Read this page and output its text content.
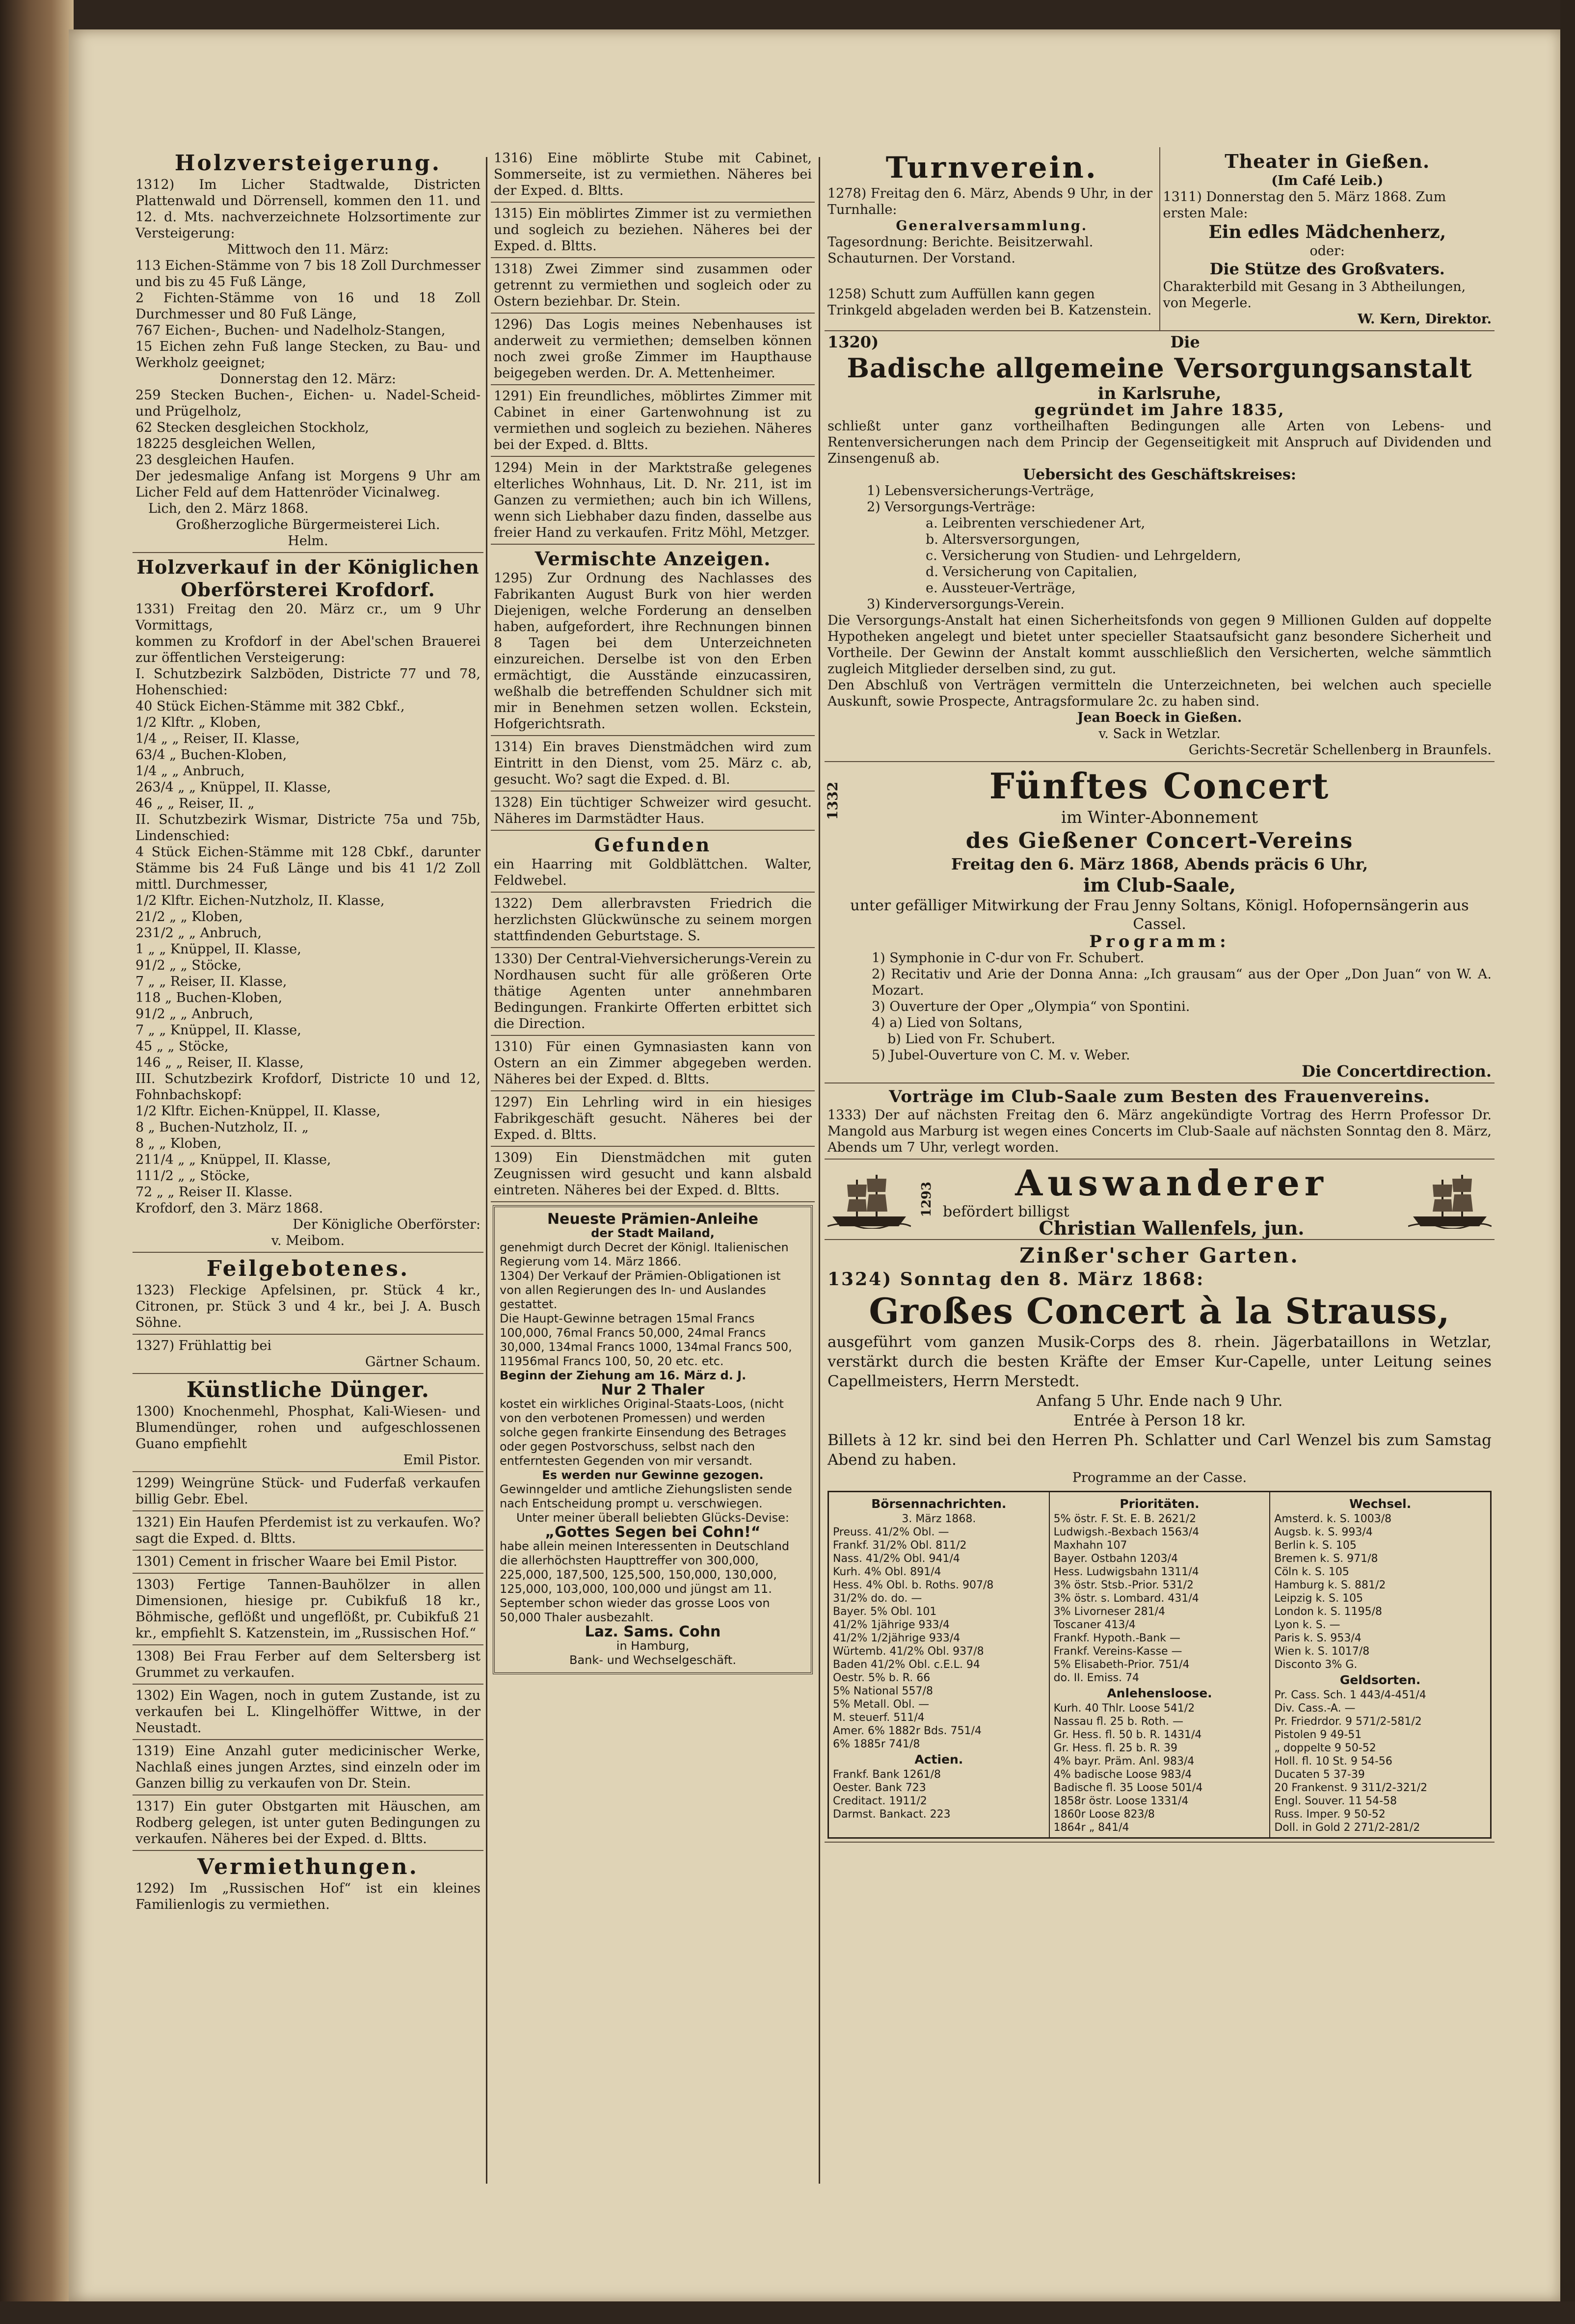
Holzversteigerung.
1312) Im Licher Stadtwalde, Districten Plattenwald und Dörrensell, kommen den 11. und 12. d. Mts. nachverzeichnete Holzsortimente zur Versteigerung:
Mittwoch den 11. März:
113 Eichen-Stämme von 7 bis 18 Zoll Durchmesser und bis zu 45 Fuß Länge,
2 Fichten-Stämme von 16 und 18 Zoll Durchmesser und 80 Fuß Länge,
767 Eichen-, Buchen- und Nadelholz-Stangen,
15 Eichen zehn Fuß lange Stecken, zu Bau- und Werkholz geeignet;
Donnerstag den 12. März:
259 Stecken Buchen-, Eichen- u. Nadel-Scheid- und Prügelholz,
62 Stecken desgleichen Stockholz,
18225 desgleichen Wellen,
23 desgleichen Haufen.
Der jedesmalige Anfang ist Morgens 9 Uhr am Licher Feld auf dem Hattenröder Vicinalweg.
Lich, den 2. März 1868.
Großherzogliche Bürgermeisterei Lich.
Helm.
Holzverkauf in der Königlichen Oberförsterei Krofdorf.
1331) Freitag den 20. März cr., um 9 Uhr Vormittags,
kommen zu Krofdorf in der Abel'schen Brauerei zur öffentlichen Versteigerung:
I. Schutzbezirk Salzböden, Districte 77 und 78, Hohenschied:
40 Stück Eichen-Stämme mit 382 Cbkf.,
1/2 Klftr. „ Kloben,
1/4 „ „ Reiser, II. Klasse,
63/4 „ Buchen-Kloben,
1/4 „ „ Anbruch,
263/4 „ „ Knüppel, II. Klasse,
46 „ „ Reiser, II. „
II. Schutzbezirk Wismar, Districte 75a und 75b, Lindenschied:
4 Stück Eichen-Stämme mit 128 Cbkf., darunter Stämme bis 24 Fuß Länge und bis 41 1/2 Zoll mittl. Durchmesser,
1/2 Klftr. Eichen-Nutzholz, II. Klasse,
21/2 „ „ Kloben,
231/2 „ „ Anbruch,
1 „ „ Knüppel, II. Klasse,
91/2 „ „ Stöcke,
7 „ „ Reiser, II. Klasse,
118 „ Buchen-Kloben,
91/2 „ „ Anbruch,
7 „ „ Knüppel, II. Klasse,
45 „ „ Stöcke,
146 „ „ Reiser, II. Klasse,
III. Schutzbezirk Krofdorf, Districte 10 und 12, Fohnbachskopf:
1/2 Klftr. Eichen-Knüppel, II. Klasse,
8 „ Buchen-Nutzholz, II. „
8 „ „ Kloben,
211/4 „ „ Knüppel, II. Klasse,
111/2 „ „ Stöcke,
72 „ „ Reiser II. Klasse.
Krofdorf, den 3. März 1868.
Der Königliche Oberförster:
v. Meibom.
Feilgebotenes.
1323) Fleckige Apfelsinen, pr. Stück 4 kr., Citronen, pr. Stück 3 und 4 kr., bei J. A. Busch Söhne.
1327) Frühlattig bei
Gärtner Schaum.
Künstliche Dünger.
1300) Knochenmehl, Phosphat, Kali-Wiesen- und Blumendünger, rohen und aufgeschlossenen Guano empfiehlt
Emil Pistor.
1299) Weingrüne Stück- und Fuderfaß verkaufen billig Gebr. Ebel.
1321) Ein Haufen Pferdemist ist zu verkaufen. Wo? sagt die Exped. d. Bltts.
1301) Cement in frischer Waare bei Emil Pistor.
1303) Fertige Tannen-Bauhölzer in allen Dimensionen, hiesige pr. Cubikfuß 18 kr., Böhmische, geflößt und ungeflößt, pr. Cubikfuß 21 kr., empfiehlt S. Katzenstein, im „Russischen Hof.“
1308) Bei Frau Ferber auf dem Seltersberg ist Grummet zu verkaufen.
1302) Ein Wagen, noch in gutem Zustande, ist zu verkaufen bei L. Klingelhöffer Wittwe, in der Neustadt.
1319) Eine Anzahl guter medicinischer Werke, Nachlaß eines jungen Arztes, sind einzeln oder im Ganzen billig zu verkaufen von Dr. Stein.
1317) Ein guter Obstgarten mit Häuschen, am Rodberg gelegen, ist unter guten Bedingungen zu verkaufen. Näheres bei der Exped. d. Bltts.
Vermiethungen.
1292) Im „Russischen Hof“ ist ein kleines Familienlogis zu vermiethen.
1316) Eine möblirte Stube mit Cabinet, Sommerseite, ist zu vermiethen. Näheres bei der Exped. d. Bltts.
1315) Ein möblirtes Zimmer ist zu vermiethen und sogleich zu beziehen. Näheres bei der Exped. d. Bltts.
1318) Zwei Zimmer sind zusammen oder getrennt zu vermiethen und sogleich oder zu Ostern beziehbar. Dr. Stein.
1296) Das Logis meines Nebenhauses ist anderweit zu vermiethen; demselben können noch zwei große Zimmer im Haupthause beigegeben werden. Dr. A. Mettenheimer.
1291) Ein freundliches, möblirtes Zimmer mit Cabinet in einer Gartenwohnung ist zu vermiethen und sogleich zu beziehen. Näheres bei der Exped. d. Bltts.
1294) Mein in der Marktstraße gelegenes elterliches Wohnhaus, Lit. D. Nr. 211, ist im Ganzen zu vermiethen; auch bin ich Willens, wenn sich Liebhaber dazu finden, dasselbe aus freier Hand zu verkaufen. Fritz Möhl, Metzger.
Vermischte Anzeigen.
1295) Zur Ordnung des Nachlasses des Fabrikanten August Burk von hier werden Diejenigen, welche Forderung an denselben haben, aufgefordert, ihre Rechnungen binnen 8 Tagen bei dem Unterzeichneten einzureichen. Derselbe ist von den Erben ermächtigt, die Ausstände einzucassiren, weßhalb die betreffenden Schuldner sich mit mir in Benehmen setzen wollen. Eckstein, Hofgerichtsrath.
1314) Ein braves Dienstmädchen wird zum Eintritt in den Dienst, vom 25. März c. ab, gesucht. Wo? sagt die Exped. d. Bl.
1328) Ein tüchtiger Schweizer wird gesucht. Näheres im Darmstädter Haus.
Gefunden
ein Haarring mit Goldblättchen. Walter, Feldwebel.
1322) Dem allerbravsten Friedrich die herzlichsten Glückwünsche zu seinem morgen stattfindenden Geburtstage. S.
1330) Der Central-Viehversicherungs-Verein zu Nordhausen sucht für alle größeren Orte thätige Agenten unter annehmbaren Bedingungen. Frankirte Offerten erbittet sich die Direction.
1310) Für einen Gymnasiasten kann von Ostern an ein Zimmer abgegeben werden. Näheres bei der Exped. d. Bltts.
1297) Ein Lehrling wird in ein hiesiges Fabrikgeschäft gesucht. Näheres bei der Exped. d. Bltts.
1309) Ein Dienstmädchen mit guten Zeugnissen wird gesucht und kann alsbald eintreten. Näheres bei der Exped. d. Bltts.
Neueste Prämien-Anleihe
der Stadt Mailand,
genehmigt durch Decret der Königl. Italienischen Regierung vom 14. März 1866.
1304) Der Verkauf der Prämien-Obligationen ist von allen Regierungen des In- und Auslandes gestattet.
Die Haupt-Gewinne betragen 15mal Francs 100,000, 76mal Francs 50,000, 24mal Francs 30,000, 134mal Francs 1000, 134mal Francs 500, 11956mal Francs 100, 50, 20 etc. etc.
Beginn der Ziehung am 16. März d. J.
Nur 2 Thaler
kostet ein wirkliches Original-Staats-Loos, (nicht von den verbotenen Promessen) und werden solche gegen frankirte Einsendung des Betrages oder gegen Postvorschuss, selbst nach den entferntesten Gegenden von mir versandt.
Es werden nur Gewinne gezogen.
Gewinngelder und amtliche Ziehungslisten sende nach Entscheidung prompt u. verschwiegen.
Unter meiner überall beliebten Glücks-Devise:
„Gottes Segen bei Cohn!“
habe allein meinen Interessenten in Deutschland die allerhöchsten Haupttreffer von 300,000, 225,000, 187,500, 125,500, 150,000, 130,000, 125,000, 103,000, 100,000 und jüngst am 11. September schon wieder das grosse Loos von 50,000 Thaler ausbezahlt.
Laz. Sams. Cohn
in Hamburg,
Bank- und Wechselgeschäft.
Turnverein.
1278) Freitag den 6. März, Abends 9 Uhr, in der Turnhalle:
Generalversammlung.
Tagesordnung: Berichte. Beisitzerwahl. Schauturnen. Der Vorstand.
1258) Schutt zum Auffüllen kann gegen Trinkgeld abgeladen werden bei B. Katzenstein.
Theater in Gießen.
(Im Café Leib.)
1311) Donnerstag den 5. März 1868. Zum ersten Male:
Ein edles Mädchenherz,
oder:
Die Stütze des Großvaters.
Charakterbild mit Gesang in 3 Abtheilungen, von Megerle.
W. Kern, Direktor.
1320)	Die
Badische allgemeine Versorgungsanstalt
in Karlsruhe,
gegründet im Jahre 1835,
schließt unter ganz vortheilhaften Bedingungen alle Arten von Lebens- und Rentenversicherungen nach dem Princip der Gegenseitigkeit mit Anspruch auf Dividenden und Zinsengenuß ab.
Uebersicht des Geschäftskreises:
1) Lebensversicherungs-Verträge,
2) Versorgungs-Verträge:
a. Leibrenten verschiedener Art,
b. Altersversorgungen,
c. Versicherung von Studien- und Lehrgeldern,
d. Versicherung von Capitalien,
e. Aussteuer-Verträge,
3) Kinderversorgungs-Verein.
Die Versorgungs-Anstalt hat einen Sicherheitsfonds von gegen 9 Millionen Gulden auf doppelte Hypotheken angelegt und bietet unter specieller Staatsaufsicht ganz besondere Sicherheit und Vortheile. Der Gewinn der Anstalt kommt ausschließlich den Versicherten, welche sämmtlich zugleich Mitglieder derselben sind, zu gut.
Den Abschluß von Verträgen vermitteln die Unterzeichneten, bei welchen auch specielle Auskunft, sowie Prospecte, Antragsformulare 2c. zu haben sind.
Jean Boeck in Gießen.
v. Sack in Wetzlar.
Gerichts-Secretär Schellenberg in Braunfels.
1332	Fünftes Concert
im Winter-Abonnement
des Gießener Concert-Vereins
Freitag den 6. März 1868, Abends präcis 6 Uhr,
im Club-Saale,
unter gefälliger Mitwirkung der Frau Jenny Soltans, Königl. Hofopernsängerin aus Cassel.
Programm:
1) Symphonie in C-dur von Fr. Schubert.
2) Recitativ und Arie der Donna Anna: „Ich grausam“ aus der Oper „Don Juan“ von W. A. Mozart.
3) Ouverture der Oper „Olympia“ von Spontini.
4) a) Lied von Soltans,
b) Lied von Fr. Schubert.
5) Jubel-Ouverture von C. M. v. Weber.
Die Concertdirection.
Vorträge im Club-Saale zum Besten des Frauenvereins.
1333) Der auf nächsten Freitag den 6. März angekündigte Vortrag des Herrn Professor Dr. Mangold aus Marburg ist wegen eines Concerts im Club-Saale auf nächsten Sonntag den 8. März, Abends um 7 Uhr, verlegt worden.
1293	Auswanderer
befördert billigst
Christian Wallenfels, jun.
Zinßer'scher Garten.
1324) Sonntag den 8. März 1868:
Großes Concert à la Strauss,
ausgeführt vom ganzen Musik-Corps des 8. rhein. Jägerbataillons in Wetzlar, verstärkt durch die besten Kräfte der Emser Kur-Capelle, unter Leitung seines Capellmeisters, Herrn Merstedt.
Anfang 5 Uhr. Ende nach 9 Uhr.
Entrée à Person 18 kr.
Billets à 12 kr. sind bei den Herren Ph. Schlatter und Carl Wenzel bis zum Samstag Abend zu haben.
Programme an der Casse.
Börsennachrichten.
3. März 1868.
Preuss. 41/2% Obl. —
Frankf. 31/2% Obl. 811/2
Nass. 41/2% Obl. 941/4
Kurh. 4% Obl. 891/4
Hess. 4% Obl. b. Roths. 907/8
31/2% do. do. —
Bayer. 5% Obl. 101
41/2% 1jährige 933/4
41/2% 1/2jährige 933/4
Würtemb. 41/2% Obl. 937/8
Baden 41/2% Obl. c.E.L. 94
Oestr. 5% b. R. 66
5% National 557/8
5% Metall. Obl. —
M. steuerf. 511/4
Amer. 6% 1882r Bds. 751/4
6% 1885r 741/8
Actien.
Frankf. Bank 1261/8
Oester. Bank 723
Creditact. 1911/2
Darmst. Bankact. 223
Prioritäten.
5% östr. F. St. E. B. 2621/2
Ludwigsh.-Bexbach 1563/4
Maxhahn 107
Bayer. Ostbahn 1203/4
Hess. Ludwigsbahn 1311/4
3% östr. Stsb.-Prior. 531/2
3% östr. s. Lombard. 431/4
3% Livorneser 281/4
Toscaner 413/4
Frankf. Hypoth.-Bank —
Frankf. Vereins-Kasse —
5% Elisabeth-Prior. 751/4
do. II. Emiss. 74
Anlehensloose.
Kurh. 40 Thlr. Loose 541/2
Nassau fl. 25 b. Roth. —
Gr. Hess. fl. 50 b. R. 1431/4
Gr. Hess. fl. 25 b. R. 39
4% bayr. Präm. Anl. 983/4
4% badische Loose 983/4
Badische fl. 35 Loose 501/4
1858r östr. Loose 1331/4
1860r Loose 823/8
1864r „ 841/4
Wechsel.
Amsterd. k. S. 1003/8
Augsb. k. S. 993/4
Berlin k. S. 105
Bremen k. S. 971/8
Cöln k. S. 105
Hamburg k. S. 881/2
Leipzig k. S. 105
London k. S. 1195/8
Lyon k. S. —
Paris k. S. 953/4
Wien k. S. 1017/8
Disconto 3% G.
Geldsorten.
Pr. Cass. Sch. 1 443/4-451/4
Div. Cass.-A. —
Pr. Friedrdor. 9 571/2-581/2
Pistolen 9 49-51
„ doppelte 9 50-52
Holl. fl. 10 St. 9 54-56
Ducaten 5 37-39
20 Frankenst. 9 311/2-321/2
Engl. Souver. 11 54-58
Russ. Imper. 9 50-52
Doll. in Gold 2 271/2-281/2
